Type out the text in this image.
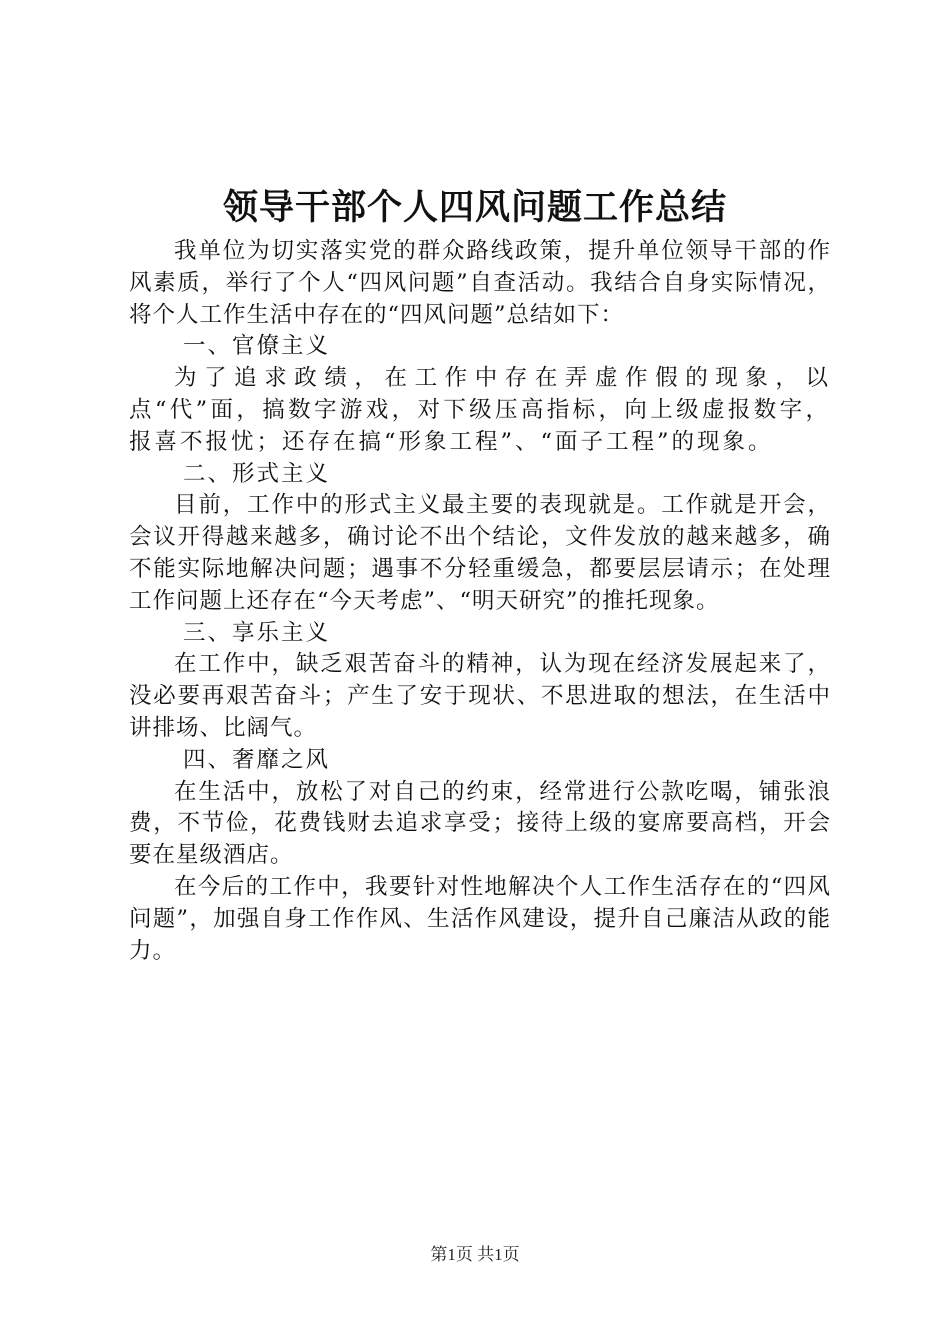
领导干部个人四风问题工作总结

我单位为切实落实党的群众路线政策，提升单位领导干部的作风素质，举行了个人“四风问题”自查活动。我结合自身实际情况，将个人工作生活中存在的“四风问题”总结如下：

一、官僚主义

为了追求政绩，在工作中存在弄虚作假的现象，以点“代”面，搞数字游戏，对下级压高指标，向上级虚报数字，报喜不报忧；还存在搞“形象工程”、“面子工程”的现象。

二、形式主义

目前，工作中的形式主义最主要的表现就是。工作就是开会，会议开得越来越多，确讨论不出个结论，文件发放的越来越多，确不能实际地解决问题；遇事不分轻重缓急，都要层层请示；在处理工作问题上还存在“今天考虑”、“明天研究”的推托现象。

三、享乐主义

在工作中，缺乏艰苦奋斗的精神，认为现在经济发展起来了，没必要再艰苦奋斗；产生了安于现状、不思进取的想法，在生活中讲排场、比阔气。

四、奢靡之风

在生活中，放松了对自己的约束，经常进行公款吃喝，铺张浪费，不节俭，花费钱财去追求享受；接待上级的宴席要高档，开会要在星级酒店。

在今后的工作中，我要针对性地解决个人工作生活存在的“四风问题”，加强自身工作作风、生活作风建设，提升自己廉洁从政的能力。

第1页 共1页
